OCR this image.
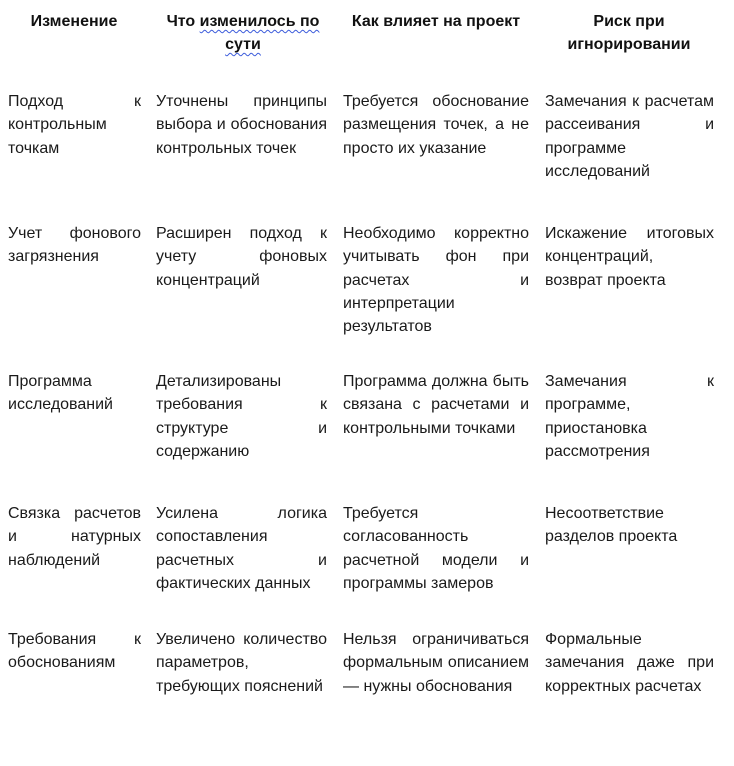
Изменение	Что изменилось по
сути
Как влияет на проект	Риск при игнорировании
Подход к контрольным точкам
Уточнены принципы выбора и обоснования контрольных точек
Требуется обоснование размещения точек, а не просто их указание
Замечания к расчетам рассеивания и программе исследований
Учет фонового загрязнения
Расширен подход к учету фоновых концентраций
Необходимо корректно учитывать фон при расчетах и интерпретации результатов
Искажение итоговых концентраций, возврат проекта
Программа исследований
Детализированы требования к структуре и содержанию
Программа должна быть связана с расчетами и контрольными точками
Замечания к программе, приостановка рассмотрения
Связка расчетов и натурных наблюдений
Усилена логика сопоставления расчетных и фактических данных
Требуется согласованность расчетной модели и программы замеров
Несоответствие разделов проекта
Требования к обоснованиям
Увеличено количество параметров, требующих пояснений
Нельзя ограничиваться формальным описанием — нужны обоснования
Формальные замечания даже при корректных расчетах
